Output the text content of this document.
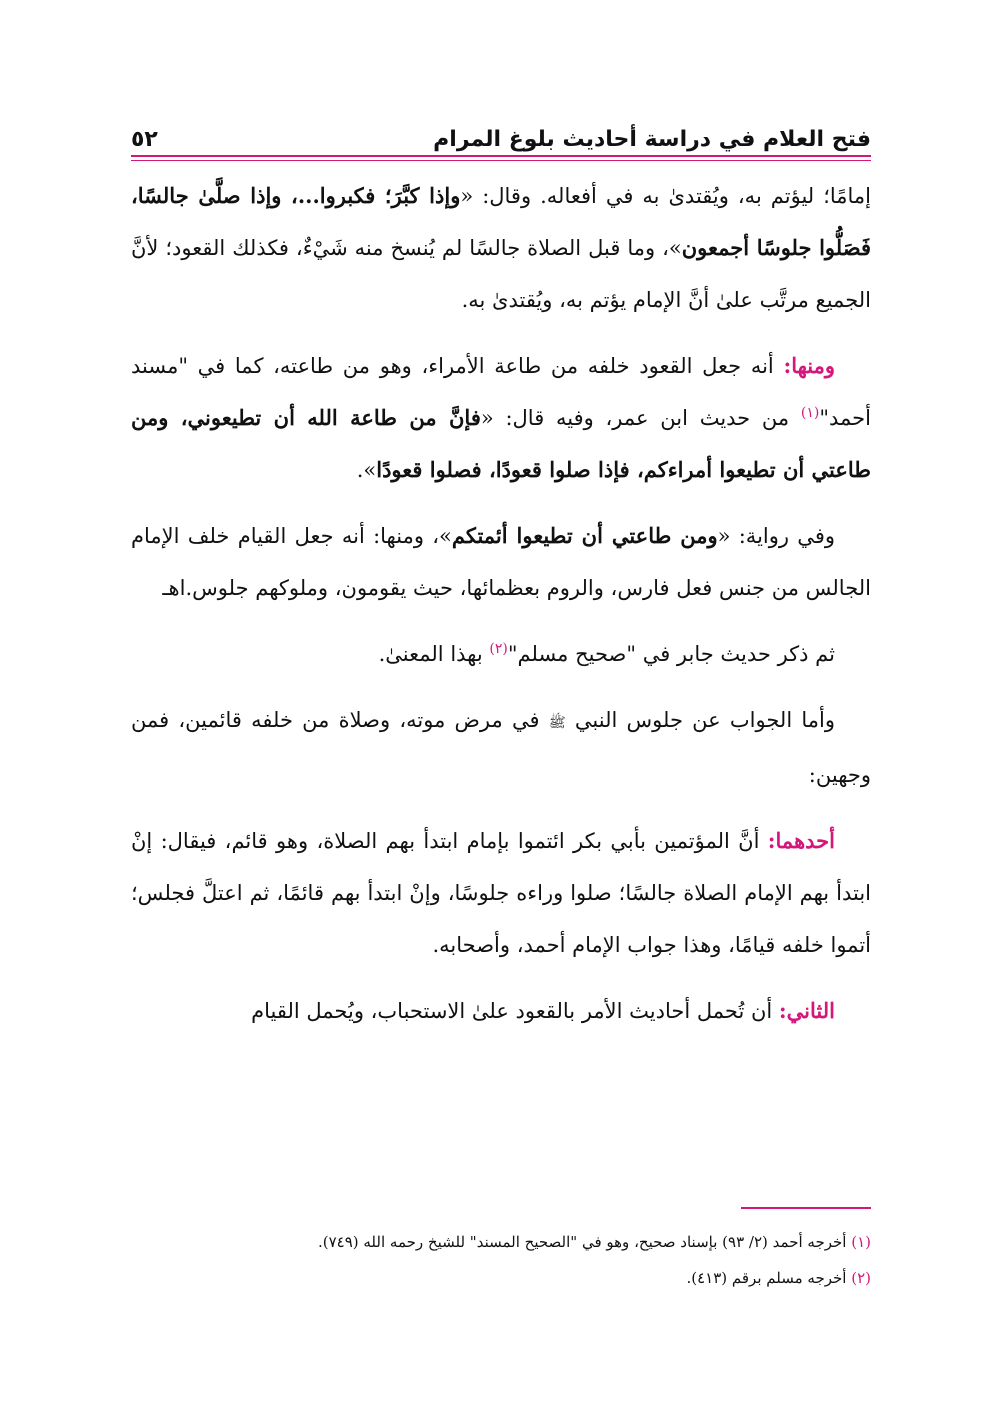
٥٢	فتح العلام في دراسة أحاديث بلوغ المرام

إمامًا؛ ليؤتم به، ويُقتدىٰ به في أفعاله. وقال: «وإذا كبَّرَ؛ فكبروا...، وإذا صلَّىٰ جالسًا، فَصَلُّوا جلوسًا أجمعون»، وما قبل الصلاة جالسًا لم يُنسخ منه شَيْءٌ، فكذلك القعود؛ لأنَّ الجميع مرتَّب علىٰ أنَّ الإمام يؤتم به، ويُقتدىٰ به.

ومنها: أنه جعل القعود خلفه من طاعة الأمراء، وهو من طاعته، كما في "مسند أحمد"$^{(١)}$ من حديث ابن عمر، وفيه قال: «فإنَّ من طاعة الله أن تطيعوني، ومن طاعتي أن تطيعوا أمراءكم، فإذا صلوا قعودًا، فصلوا قعودًا».

وفي رواية: «ومن طاعتي أن تطيعوا أئمتكم»، ومنها: أنه جعل القيام خلف الإمام الجالس من جنس فعل فارس، والروم بعظمائها، حيث يقومون، وملوكهم جلوس.اهـ

ثم ذكر حديث جابر في "صحيح مسلم"$^{(٢)}$ بهذا المعنىٰ.

وأما الجواب عن جلوس النبي ﷺ في مرض موته، وصلاة من خلفه قائمين، فمن وجهين:

أحدهما: أنَّ المؤتمين بأبي بكر ائتموا بإمام ابتدأ بهم الصلاة، وهو قائم، فيقال: إنْ ابتدأ بهم الإمام الصلاة جالسًا؛ صلوا وراءه جلوسًا، وإنْ ابتدأ بهم قائمًا، ثم اعتلَّ فجلس؛ أتموا خلفه قيامًا، وهذا جواب الإمام أحمد، وأصحابه.

الثاني: أن تُحمل أحاديث الأمر بالقعود علىٰ الاستحباب، ويُحمل القيام

(١) أخرجه أحمد (٢/ ٩٣) بإسناد صحيح، وهو في "الصحيح المسند" للشيخ رحمه الله (٧٤٩).

(٢) أخرجه مسلم برقم (٤١٣).
